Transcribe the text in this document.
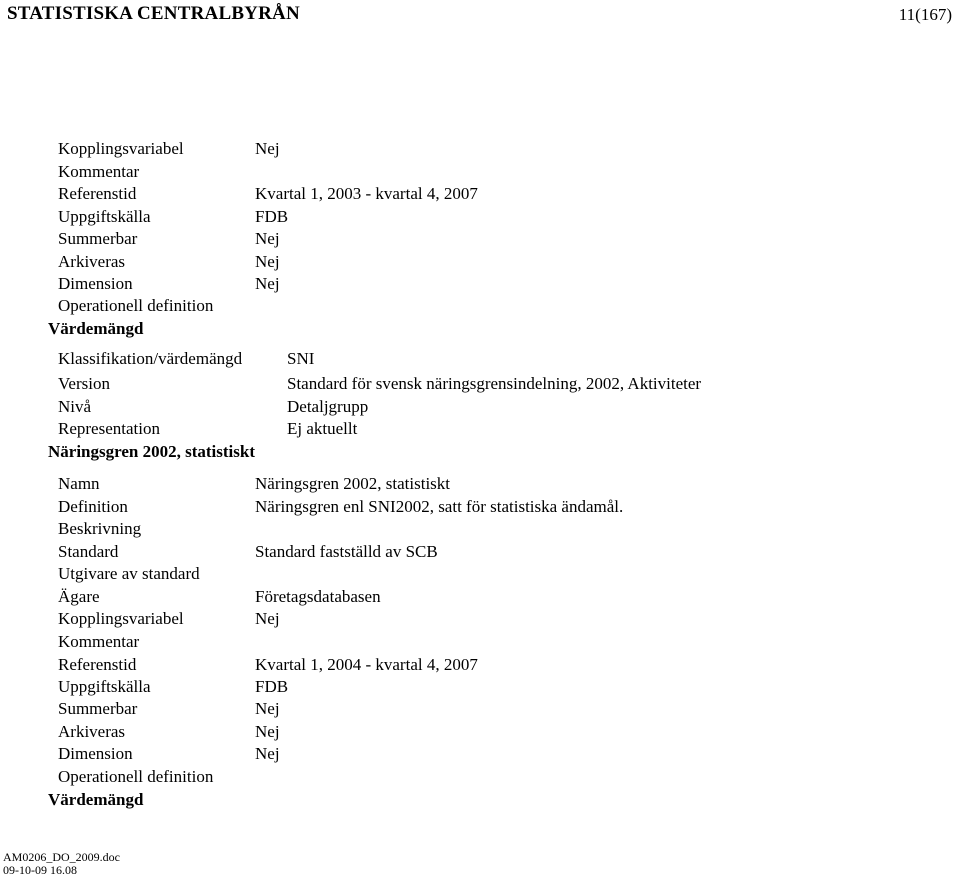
STATISTISKA CENTRALBYRÅN	11(167)
Kopplingsvariabel	Nej
Kommentar
Referenstid	Kvartal 1, 2003 - kvartal 4, 2007
Uppgiftskälla	FDB
Summerbar	Nej
Arkiveras	Nej
Dimension	Nej
Operationell definition
Värdemängd
Klassifikation/värdemängd	SNI
Version	Standard för svensk näringsgrensindelning, 2002, Aktiviteter
Nivå	Detaljgrupp
Representation	Ej aktuellt
Näringsgren 2002, statistiskt
Namn	Näringsgren 2002, statistiskt
Definition	Näringsgren enl SNI2002, satt för statistiska ändamål.
Beskrivning
Standard	Standard fastställd av SCB
Utgivare av standard
Ägare	Företagsdatabasen
Kopplingsvariabel	Nej
Kommentar
Referenstid	Kvartal 1, 2004 - kvartal 4, 2007
Uppgiftskälla	FDB
Summerbar	Nej
Arkiveras	Nej
Dimension	Nej
Operationell definition
Värdemängd
AM0206_DO_2009.doc
09-10-09 16.08
